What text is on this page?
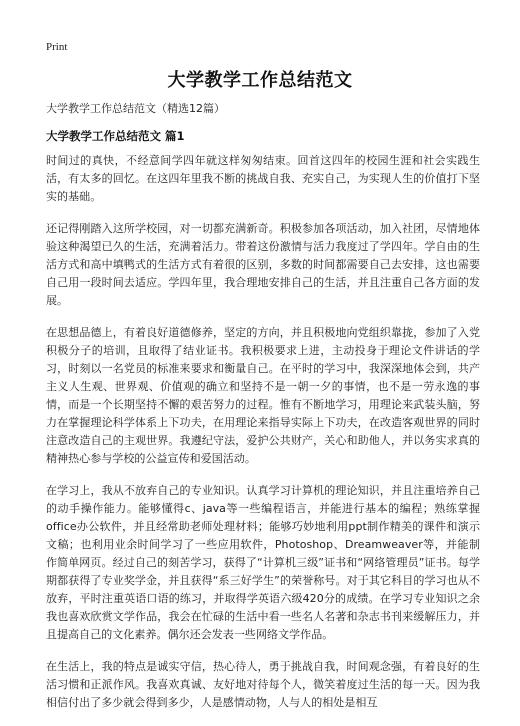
Print
大学教学工作总结范文
大学教学工作总结范文（精选12篇）
大学教学工作总结范文 篇1

时间过的真快，不经意间学四年就这样匆匆结束。回首这四年的校园生涯和社会实践生活，有太多的回忆。在这四年里我不断的挑战自我、充实自己，为实现人生的价值打下坚实的基础。

还记得刚踏入这所学校园，对一切都充满新奇。积极参加各项活动，加入社团，尽情地体验这种渴望已久的生活，充满着活力。带着这份激情与活力我度过了学四年。学自由的生活方式和高中填鸭式的生活方式有着很的区别，多数的时间都需要自己去安排，这也需要自己用一段时间去适应。学四年里，我合理地安排自己的生活，并且注重自己各方面的发展。

在思想品德上，有着良好道德修养，坚定的方向，并且积极地向党组织靠拢，参加了入党积极分子的培训，且取得了结业证书。我积极要求上进，主动投身于理论文件讲话的学习，时刻以一名党员的标准来要求和衡量自己。在平时的学习中，我深深地体会到，共产主义人生观、世界观、价值观的确立和坚持不是一朝一夕的事情，也不是一劳永逸的事情，而是一个长期坚持不懈的艰苦努力的过程。惟有不断地学习，用理论来武装头脑，努力在掌握理论科学体系上下功夫，在用理论来指导实际上下功夫，在改造客观世界的同时注意改造自己的主观世界。我遵纪守法，爱护公共财产，关心和助他人，并以务实求真的精神热心参与学校的公益宣传和爱国活动。

在学习上，我从不放弃自己的专业知识。认真学习计算机的理论知识，并且注重培养自己的动手操作能力。能够懂得c、java等一些编程语言，并能进行基本的编程；熟练掌握office办公软件，并且经常助老师处理材料；能够巧妙地利用ppt制作精美的课件和演示文稿；也利用业余时间学习了一些应用软件，Photoshop、Dreamweaver等，并能制作简单网页。经过自己的刻苦学习，获得了“计算机三级”证书和“网络管理员”证书。每学期都获得了专业奖学金，并且获得“系三好学生”的荣誉称号。对于其它科目的学习也从不放弃，平时注重英语口语的练习，并取得学英语六级420分的成绩。在学习专业知识之余我也喜欢欣赏文学作品，我会在忙碌的生活中看一些名人名著和杂志书刊来缓解压力，并且提高自己的文化素养。偶尔还会发表一些网络文学作品。

在生活上，我的特点是诚实守信，热心待人，勇于挑战自我，时间观念强，有着良好的生活习惯和正派作风。我喜欢真诚、友好地对待每个人，微笑着度过生活的每一天。因为我相信付出了多少就会得到多少，人是感情动物，人与人的相处是相互
